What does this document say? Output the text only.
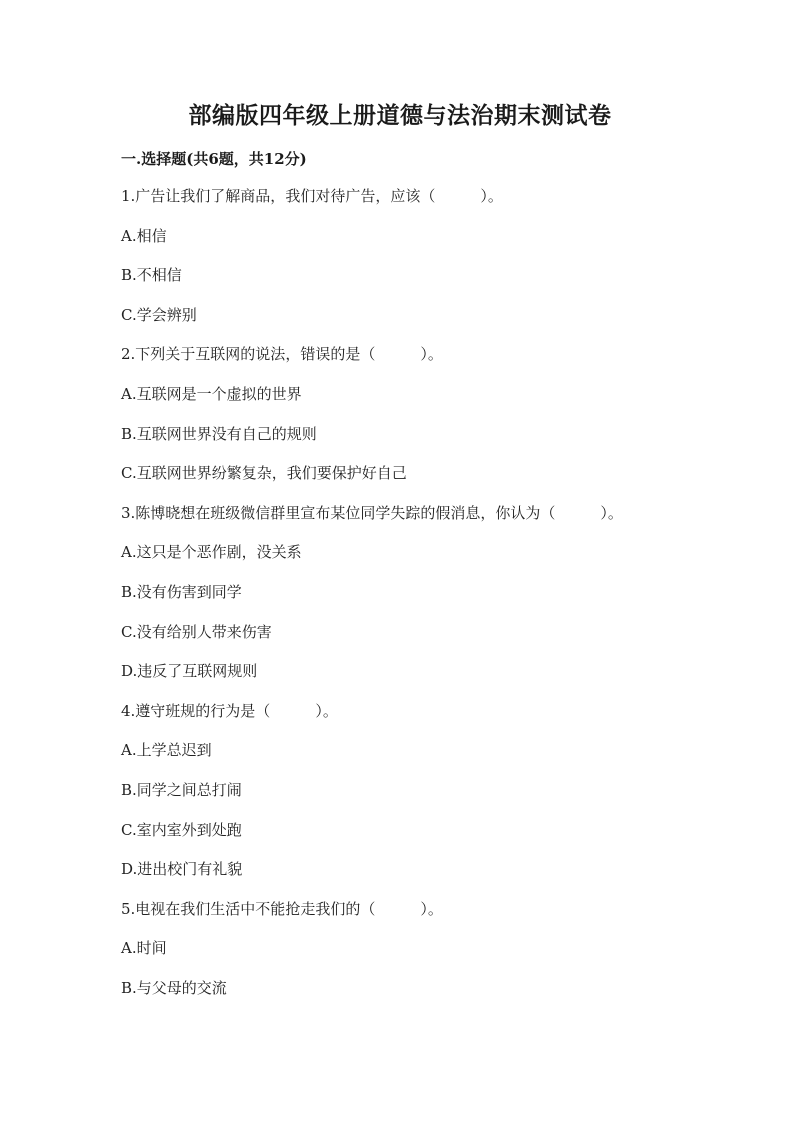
部编版四年级上册道德与法治期末测试卷
一.选择题(共6题，共12分)
1.广告让我们了解商品，我们对待广告，应该（　　　）。
A.相信
B.不相信
C.学会辨别
2.下列关于互联网的说法，错误的是（　　　）。
A.互联网是一个虚拟的世界
B.互联网世界没有自己的规则
C.互联网世界纷繁复杂，我们要保护好自己
3.陈博晓想在班级微信群里宣布某位同学失踪的假消息，你认为（　　　）。
A.这只是个恶作剧，没关系
B.没有伤害到同学
C.没有给别人带来伤害
D.违反了互联网规则
4.遵守班规的行为是（　　　）。
A.上学总迟到
B.同学之间总打闹
C.室内室外到处跑
D.进出校门有礼貌
5.电视在我们生活中不能抢走我们的（　　　）。
A.时间
B.与父母的交流
